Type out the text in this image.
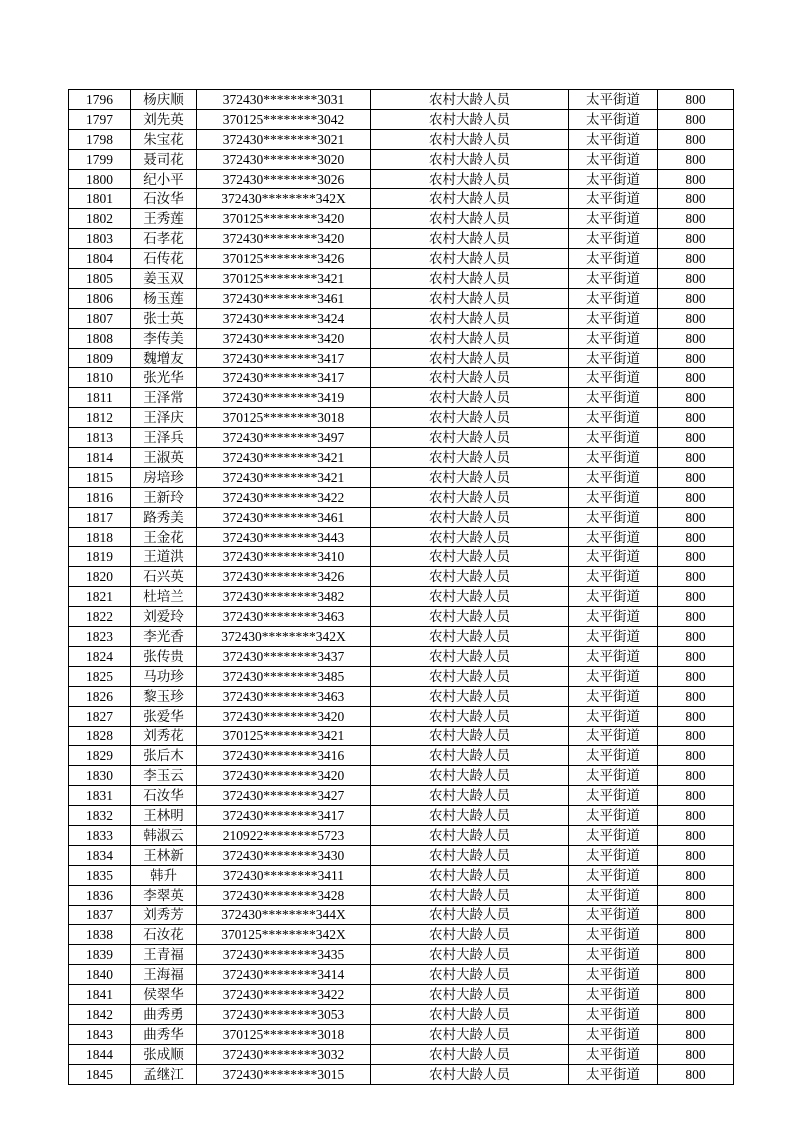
1796	杨庆顺	372430********3031	农村大龄人员	太平街道	800
1797	刘先英	370125********3042	农村大龄人员	太平街道	800
1798	朱宝花	372430********3021	农村大龄人员	太平街道	800
1799	聂司花	372430********3020	农村大龄人员	太平街道	800
1800	纪小平	372430********3026	农村大龄人员	太平街道	800
1801	石汝华	372430********342X	农村大龄人员	太平街道	800
1802	王秀莲	370125********3420	农村大龄人员	太平街道	800
1803	石孝花	372430********3420	农村大龄人员	太平街道	800
1804	石传花	370125********3426	农村大龄人员	太平街道	800
1805	姜玉双	370125********3421	农村大龄人员	太平街道	800
1806	杨玉莲	372430********3461	农村大龄人员	太平街道	800
1807	张士英	372430********3424	农村大龄人员	太平街道	800
1808	李传美	372430********3420	农村大龄人员	太平街道	800
1809	魏增友	372430********3417	农村大龄人员	太平街道	800
1810	张光华	372430********3417	农村大龄人员	太平街道	800
1811	王泽常	372430********3419	农村大龄人员	太平街道	800
1812	王泽庆	370125********3018	农村大龄人员	太平街道	800
1813	王泽兵	372430********3497	农村大龄人员	太平街道	800
1814	王淑英	372430********3421	农村大龄人员	太平街道	800
1815	房培珍	372430********3421	农村大龄人员	太平街道	800
1816	王新玲	372430********3422	农村大龄人员	太平街道	800
1817	路秀美	372430********3461	农村大龄人员	太平街道	800
1818	王金花	372430********3443	农村大龄人员	太平街道	800
1819	王道洪	372430********3410	农村大龄人员	太平街道	800
1820	石兴英	372430********3426	农村大龄人员	太平街道	800
1821	杜培兰	372430********3482	农村大龄人员	太平街道	800
1822	刘爱玲	372430********3463	农村大龄人员	太平街道	800
1823	李光香	372430********342X	农村大龄人员	太平街道	800
1824	张传贵	372430********3437	农村大龄人员	太平街道	800
1825	马功珍	372430********3485	农村大龄人员	太平街道	800
1826	黎玉珍	372430********3463	农村大龄人员	太平街道	800
1827	张爱华	372430********3420	农村大龄人员	太平街道	800
1828	刘秀花	370125********3421	农村大龄人员	太平街道	800
1829	张后木	372430********3416	农村大龄人员	太平街道	800
1830	李玉云	372430********3420	农村大龄人员	太平街道	800
1831	石汝华	372430********3427	农村大龄人员	太平街道	800
1832	王林明	372430********3417	农村大龄人员	太平街道	800
1833	韩淑云	210922********5723	农村大龄人员	太平街道	800
1834	王林新	372430********3430	农村大龄人员	太平街道	800
1835	韩升	372430********3411	农村大龄人员	太平街道	800
1836	李翠英	372430********3428	农村大龄人员	太平街道	800
1837	刘秀芳	372430********344X	农村大龄人员	太平街道	800
1838	石汝花	370125********342X	农村大龄人员	太平街道	800
1839	王青福	372430********3435	农村大龄人员	太平街道	800
1840	王海福	372430********3414	农村大龄人员	太平街道	800
1841	侯翠华	372430********3422	农村大龄人员	太平街道	800
1842	曲秀勇	372430********3053	农村大龄人员	太平街道	800
1843	曲秀华	370125********3018	农村大龄人员	太平街道	800
1844	张成顺	372430********3032	农村大龄人员	太平街道	800
1845	孟继江	372430********3015	农村大龄人员	太平街道	800
